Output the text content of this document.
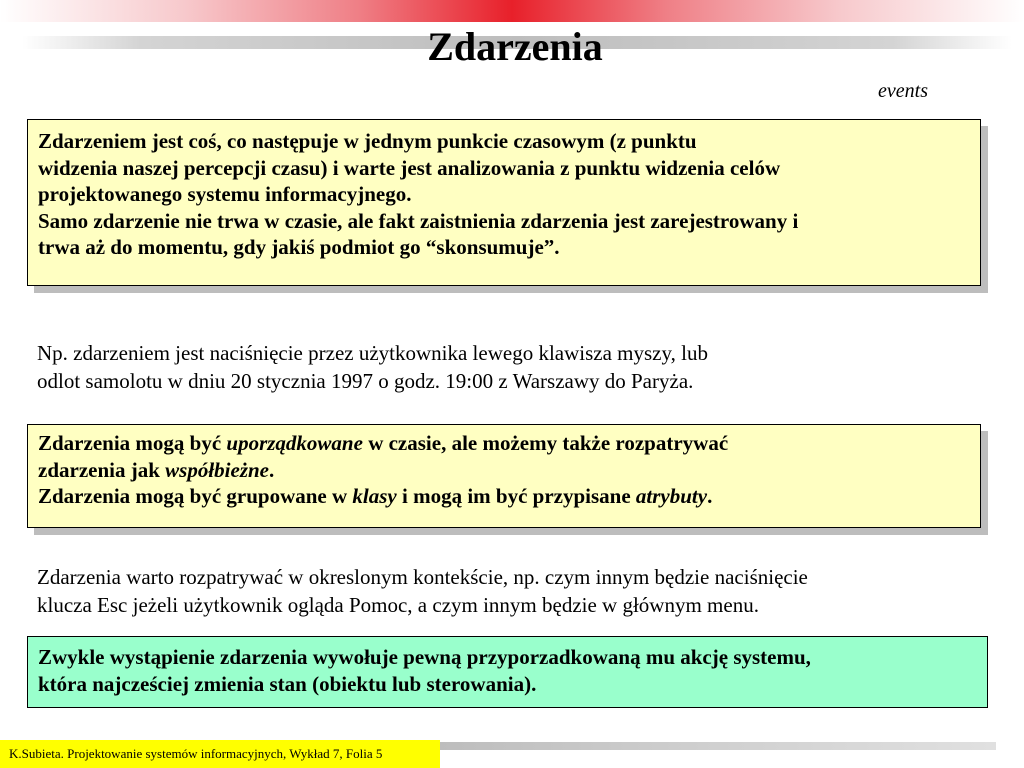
Zdarzenia
events
Zdarzeniem jest coś, co następuje w jednym punkcie czasowym (z punktu
widzenia naszej percepcji czasu) i warte jest analizowania z punktu widzenia celów
projektowanego systemu informacyjnego.
Samo zdarzenie nie trwa w czasie, ale fakt zaistnienia zdarzenia jest zarejestrowany i
trwa aż do momentu, gdy jakiś podmiot go “skonsumuje”.
Np. zdarzeniem jest naciśnięcie przez użytkownika lewego klawisza myszy, lub
odlot samolotu w dniu 20 stycznia 1997 o godz. 19:00 z Warszawy do Paryża.
Zdarzenia mogą być uporządkowane w czasie, ale możemy także rozpatrywać
zdarzenia jak współbieżne.
Zdarzenia mogą być grupowane w klasy i mogą im być przypisane atrybuty.
Zdarzenia warto rozpatrywać w okreslonym kontekście, np. czym innym będzie naciśnięcie
klucza Esc jeżeli użytkownik ogląda Pomoc, a czym innym będzie w głównym menu.
Zwykle wystąpienie zdarzenia wywołuje pewną przyporzadkowaną mu akcję systemu,
która najcześciej zmienia stan (obiektu lub sterowania).
K.Subieta. Projektowanie systemów informacyjnych, Wykład 7, Folia 5
